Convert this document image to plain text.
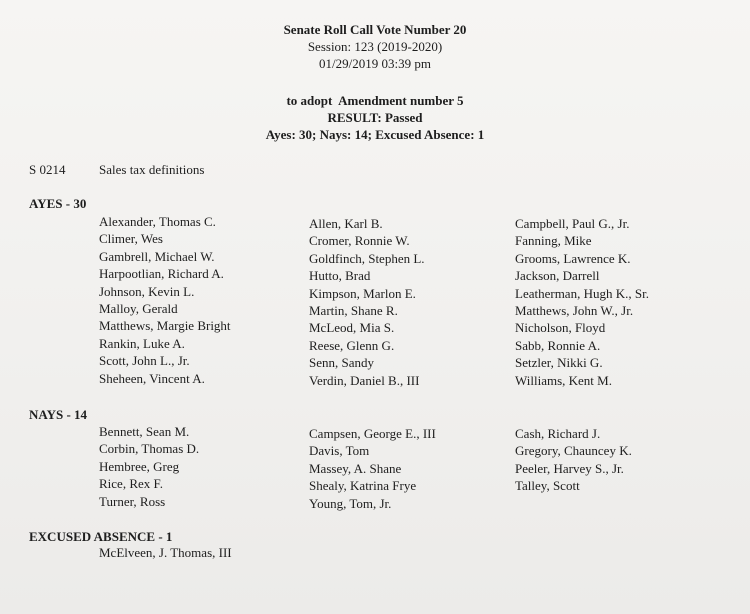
Senate Roll Call Vote Number 20
Session: 123 (2019-2020)
01/29/2019 03:39 pm
to adopt  Amendment number 5
RESULT: Passed
Ayes: 30; Nays: 14; Excused Absence: 1
S 0214	Sales tax definitions
AYES - 30
Alexander, Thomas C.
Climer, Wes
Gambrell, Michael W.
Harpootlian, Richard A.
Johnson, Kevin L.
Malloy, Gerald
Matthews, Margie Bright
Rankin, Luke A.
Scott, John L., Jr.
Sheheen, Vincent A.
Allen, Karl B.
Cromer, Ronnie W.
Goldfinch, Stephen L.
Hutto, Brad
Kimpson, Marlon E.
Martin, Shane R.
McLeod, Mia S.
Reese, Glenn G.
Senn, Sandy
Verdin, Daniel B., III
Campbell, Paul G., Jr.
Fanning, Mike
Grooms, Lawrence K.
Jackson, Darrell
Leatherman, Hugh K., Sr.
Matthews, John W., Jr.
Nicholson, Floyd
Sabb, Ronnie A.
Setzler, Nikki G.
Williams, Kent M.
NAYS - 14
Bennett, Sean M.
Corbin, Thomas D.
Hembree, Greg
Rice, Rex F.
Turner, Ross
Campsen, George E., III
Davis, Tom
Massey, A. Shane
Shealy, Katrina Frye
Young, Tom, Jr.
Cash, Richard J.
Gregory, Chauncey K.
Peeler, Harvey S., Jr.
Talley, Scott
EXCUSED ABSENCE - 1
McElveen, J. Thomas, III
